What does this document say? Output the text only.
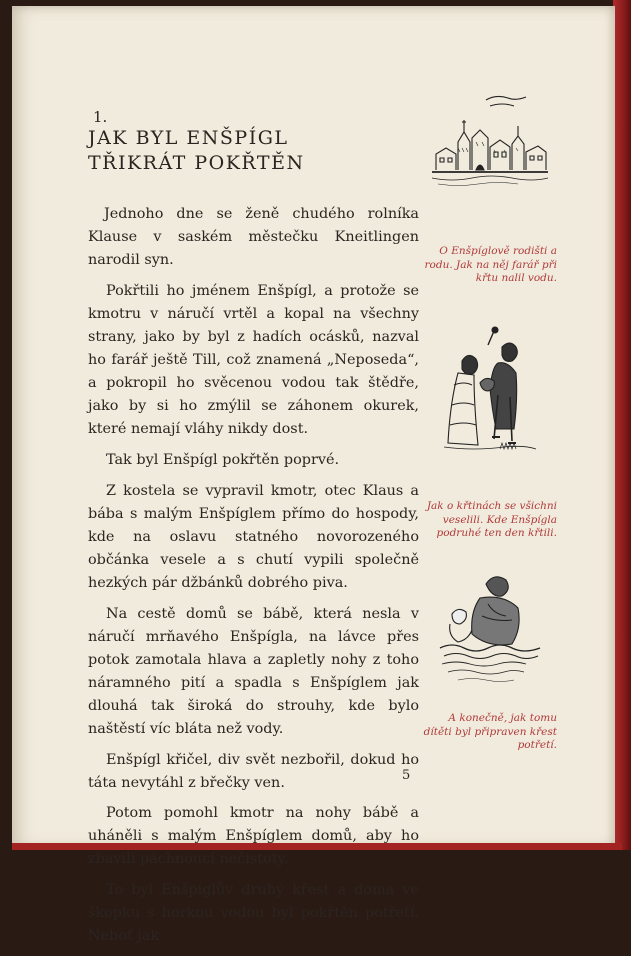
1.
JAK BYL ENŠPÍGL
TŘIKRÁT POKŘTĚN

Jednoho dne se ženě chudého rolníka Klause v saském městečku Kneitlingen narodil syn.

Pokřtili ho jménem Enšpígl, a protože se kmotru v náručí vrtěl a kopal na všechny strany, jako by byl z hadích ocásků, nazval ho farář ještě Till, což znamená „Neposeda“, a pokropil ho svěcenou vodou tak štědře, jako by si ho zmýlil se záhonem okurek, které nemají vláhy nikdy dost.

Tak byl Enšpígl pokřtěn poprvé.

Z kostela se vypravil kmotr, otec Klaus a bába s malým Enšpíglem přímo do hospody, kde na oslavu statného novorozeného občánka vesele a s chutí vypili společně hezkých pár džbánků dobrého piva.

Na cestě domů se bábě, která nesla v náručí mrňavého Enšpígla, na lávce přes potok zamotala hlava a zapletly nohy z toho náramného pití a spadla s Enšpíglem jak dlouhá tak široká do strouhy, kde bylo naštěstí víc bláta než vody.

Enšpígl křičel, div svět nezbořil, dokud ho táta nevytáhl z břečky ven.

Potom pomohl kmotr na nohy bábě a uháněli s malým Enšpíglem domů, aby ho zbavili páchnoucí nečistoty.

To byl Enšpíglův druhý křest a doma ve škopku s horkou vodou byl pokřtěn potřetí. Neboť jak

5
O Enšpíglově rodišti a rodu. Jak na něj farář při křtu nalil vodu.
Jak o křtinách se všichni veselili. Kde Enšpígla podruhé ten den křtili.
A konečně, jak tomu dítěti byl připraven křest potřetí.
